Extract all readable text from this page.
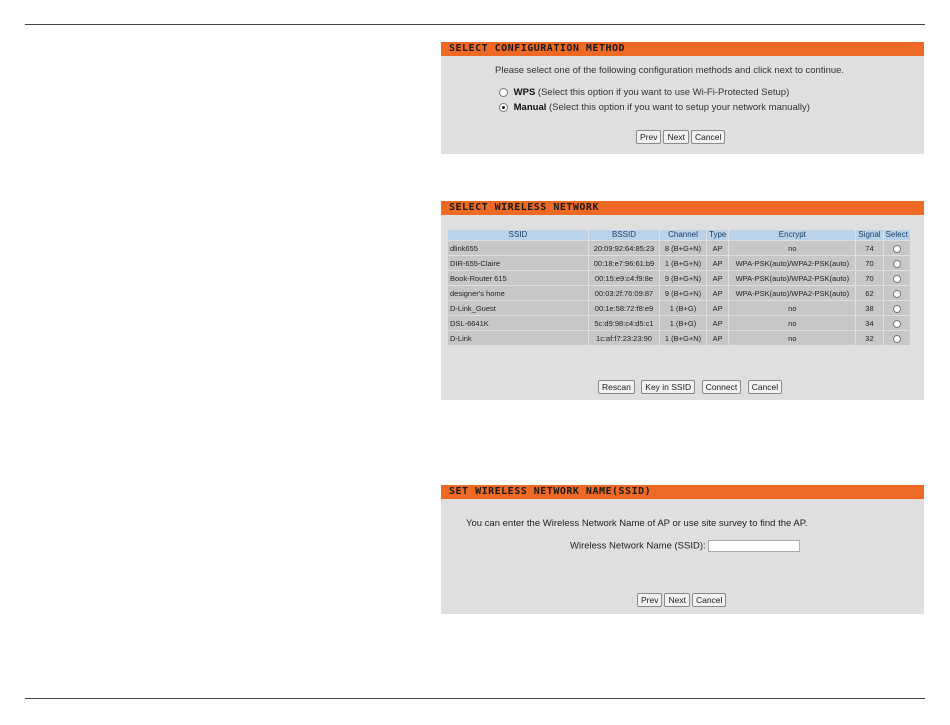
SELECT CONFIGURATION METHOD
Please select one of the following configuration methods and click next to continue.
WPS (Select this option if you want to use Wi-Fi-Protected Setup)
Manual (Select this option if you want to setup your network manually)
Prev Next Cancel
SELECT WIRELESS NETWORK
SSID	BSSID	Channel	Type	Encrypt	Signal	Select
dlink655	20:09:92:64:85:23	8 (B+G+N)	AP	no	74	
DIR-655-Claire	00:18:e7:96:61:b9	1 (B+G+N)	AP	WPA-PSK(auto)/WPA2-PSK(auto)	70	
Book-Router 615	00:15:e9:c4:f9:8e	9 (B+G+N)	AP	WPA-PSK(auto)/WPA2-PSK(auto)	70	
designer's home	00:03:2f:76:09:87	9 (B+G+N)	AP	WPA-PSK(auto)/WPA2-PSK(auto)	62	
D-Link_Guest	00:1e:58:72:f8:e9	1 (B+G)	AP	no	38	
DSL-6641K	5c:d9:98:c4:d5:c1	1 (B+G)	AP	no	34	
D-Link	1c:af:f7:23:23:90	1 (B+G+N)	AP	no	32	
Rescan Key in SSID Connect Cancel
SET WIRELESS NETWORK NAME(SSID)
You can enter the Wireless Network Name of AP or use site survey to find the AP.
Wireless Network Name (SSID):
Prev Next Cancel
